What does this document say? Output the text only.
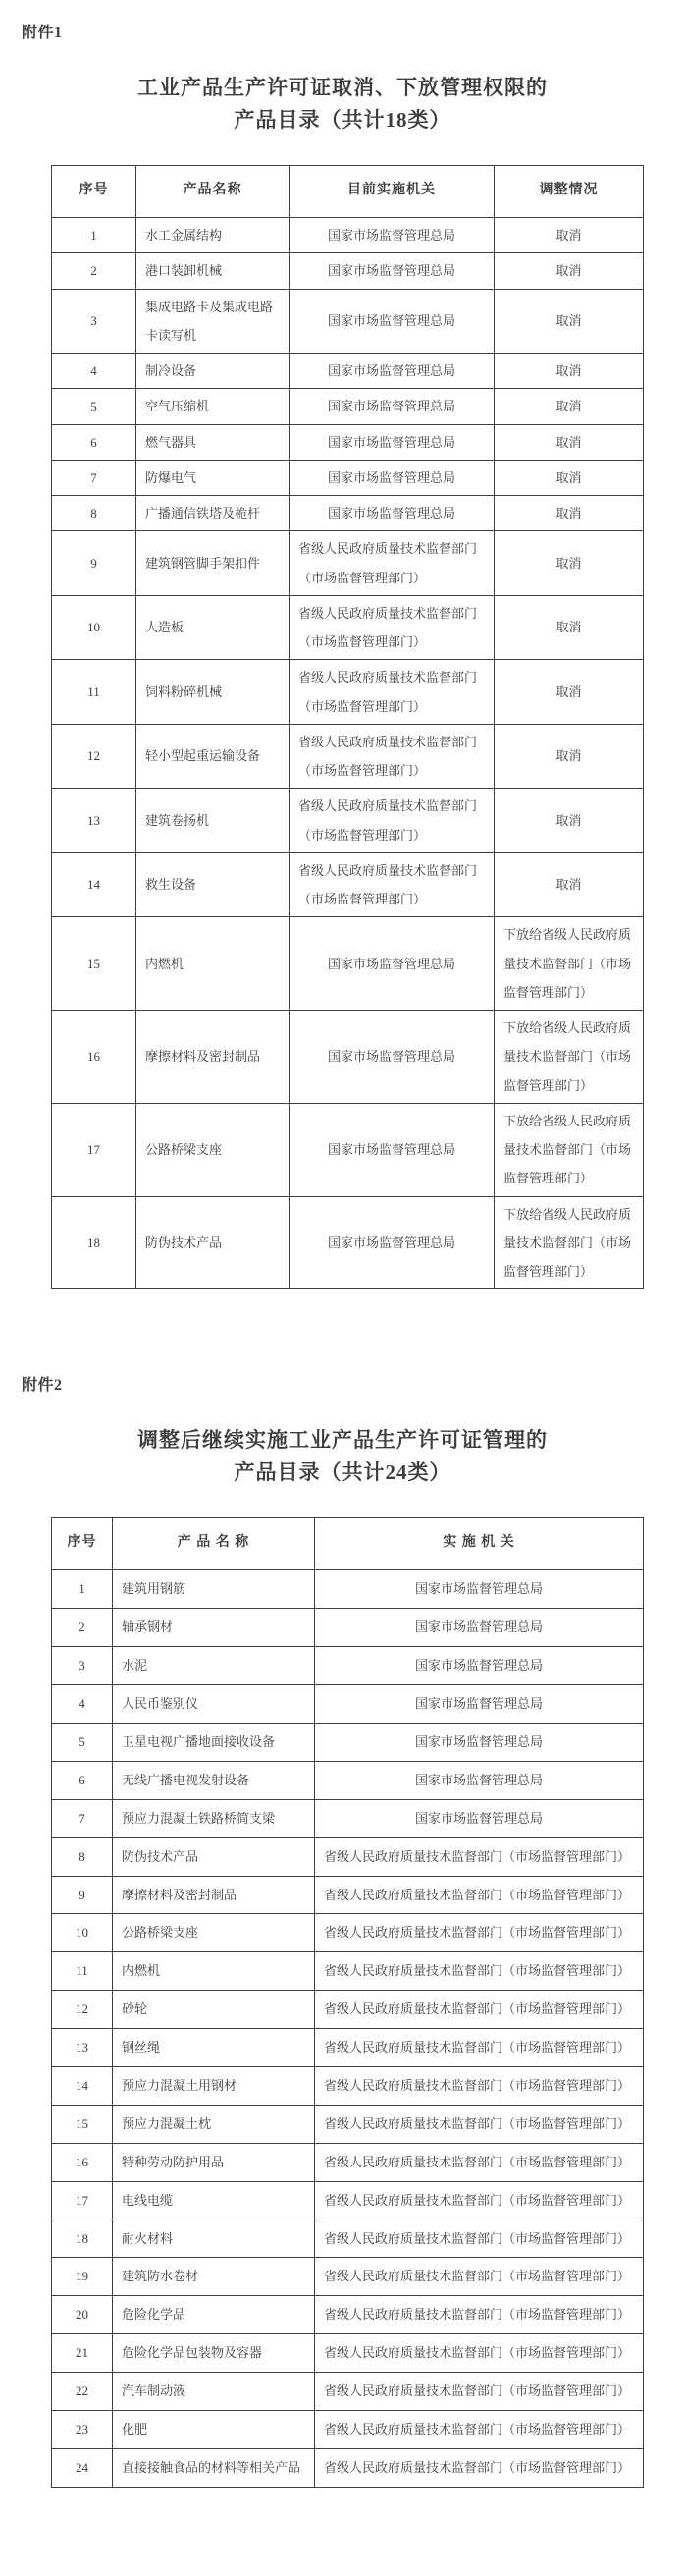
附件1
工业产品生产许可证取消、下放管理权限的
产品目录（共计18类）
序号	产品名称	目前实施机关	调整情况
1	水工金属结构	国家市场监督管理总局	取消
2	港口装卸机械	国家市场监督管理总局	取消
3	集成电路卡及集成电路卡读写机	国家市场监督管理总局	取消
4	制冷设备	国家市场监督管理总局	取消
5	空气压缩机	国家市场监督管理总局	取消
6	燃气器具	国家市场监督管理总局	取消
7	防爆电气	国家市场监督管理总局	取消
8	广播通信铁塔及桅杆	国家市场监督管理总局	取消
9	建筑钢管脚手架扣件	省级人民政府质量技术监督部门（市场监督管理部门）	取消
10	人造板	省级人民政府质量技术监督部门（市场监督管理部门）	取消
11	饲料粉碎机械	省级人民政府质量技术监督部门（市场监督管理部门）	取消
12	轻小型起重运输设备	省级人民政府质量技术监督部门（市场监督管理部门）	取消
13	建筑卷扬机	省级人民政府质量技术监督部门（市场监督管理部门）	取消
14	救生设备	省级人民政府质量技术监督部门（市场监督管理部门）	取消
15	内燃机	国家市场监督管理总局	下放给省级人民政府质量技术监督部门（市场监督管理部门）
16	摩擦材料及密封制品	国家市场监督管理总局	下放给省级人民政府质量技术监督部门（市场监督管理部门）
17	公路桥梁支座	国家市场监督管理总局	下放给省级人民政府质量技术监督部门（市场监督管理部门）
18	防伪技术产品	国家市场监督管理总局	下放给省级人民政府质量技术监督部门（市场监督管理部门）
附件2
调整后继续实施工业产品生产许可证管理的
产品目录（共计24类）
序号	产 品 名 称	实 施 机 关
1	建筑用钢筋	国家市场监督管理总局
2	轴承钢材	国家市场监督管理总局
3	水泥	国家市场监督管理总局
4	人民币鉴别仪	国家市场监督管理总局
5	卫星电视广播地面接收设备	国家市场监督管理总局
6	无线广播电视发射设备	国家市场监督管理总局
7	预应力混凝土铁路桥简支梁	国家市场监督管理总局
8	防伪技术产品	省级人民政府质量技术监督部门（市场监督管理部门）
9	摩擦材料及密封制品	省级人民政府质量技术监督部门（市场监督管理部门）
10	公路桥梁支座	省级人民政府质量技术监督部门（市场监督管理部门）
11	内燃机	省级人民政府质量技术监督部门（市场监督管理部门）
12	砂轮	省级人民政府质量技术监督部门（市场监督管理部门）
13	钢丝绳	省级人民政府质量技术监督部门（市场监督管理部门）
14	预应力混凝土用钢材	省级人民政府质量技术监督部门（市场监督管理部门）
15	预应力混凝土枕	省级人民政府质量技术监督部门（市场监督管理部门）
16	特种劳动防护用品	省级人民政府质量技术监督部门（市场监督管理部门）
17	电线电缆	省级人民政府质量技术监督部门（市场监督管理部门）
18	耐火材料	省级人民政府质量技术监督部门（市场监督管理部门）
19	建筑防水卷材	省级人民政府质量技术监督部门（市场监督管理部门）
20	危险化学品	省级人民政府质量技术监督部门（市场监督管理部门）
21	危险化学品包装物及容器	省级人民政府质量技术监督部门（市场监督管理部门）
22	汽车制动液	省级人民政府质量技术监督部门（市场监督管理部门）
23	化肥	省级人民政府质量技术监督部门（市场监督管理部门）
24	直接接触食品的材料等相关产品	省级人民政府质量技术监督部门（市场监督管理部门）
